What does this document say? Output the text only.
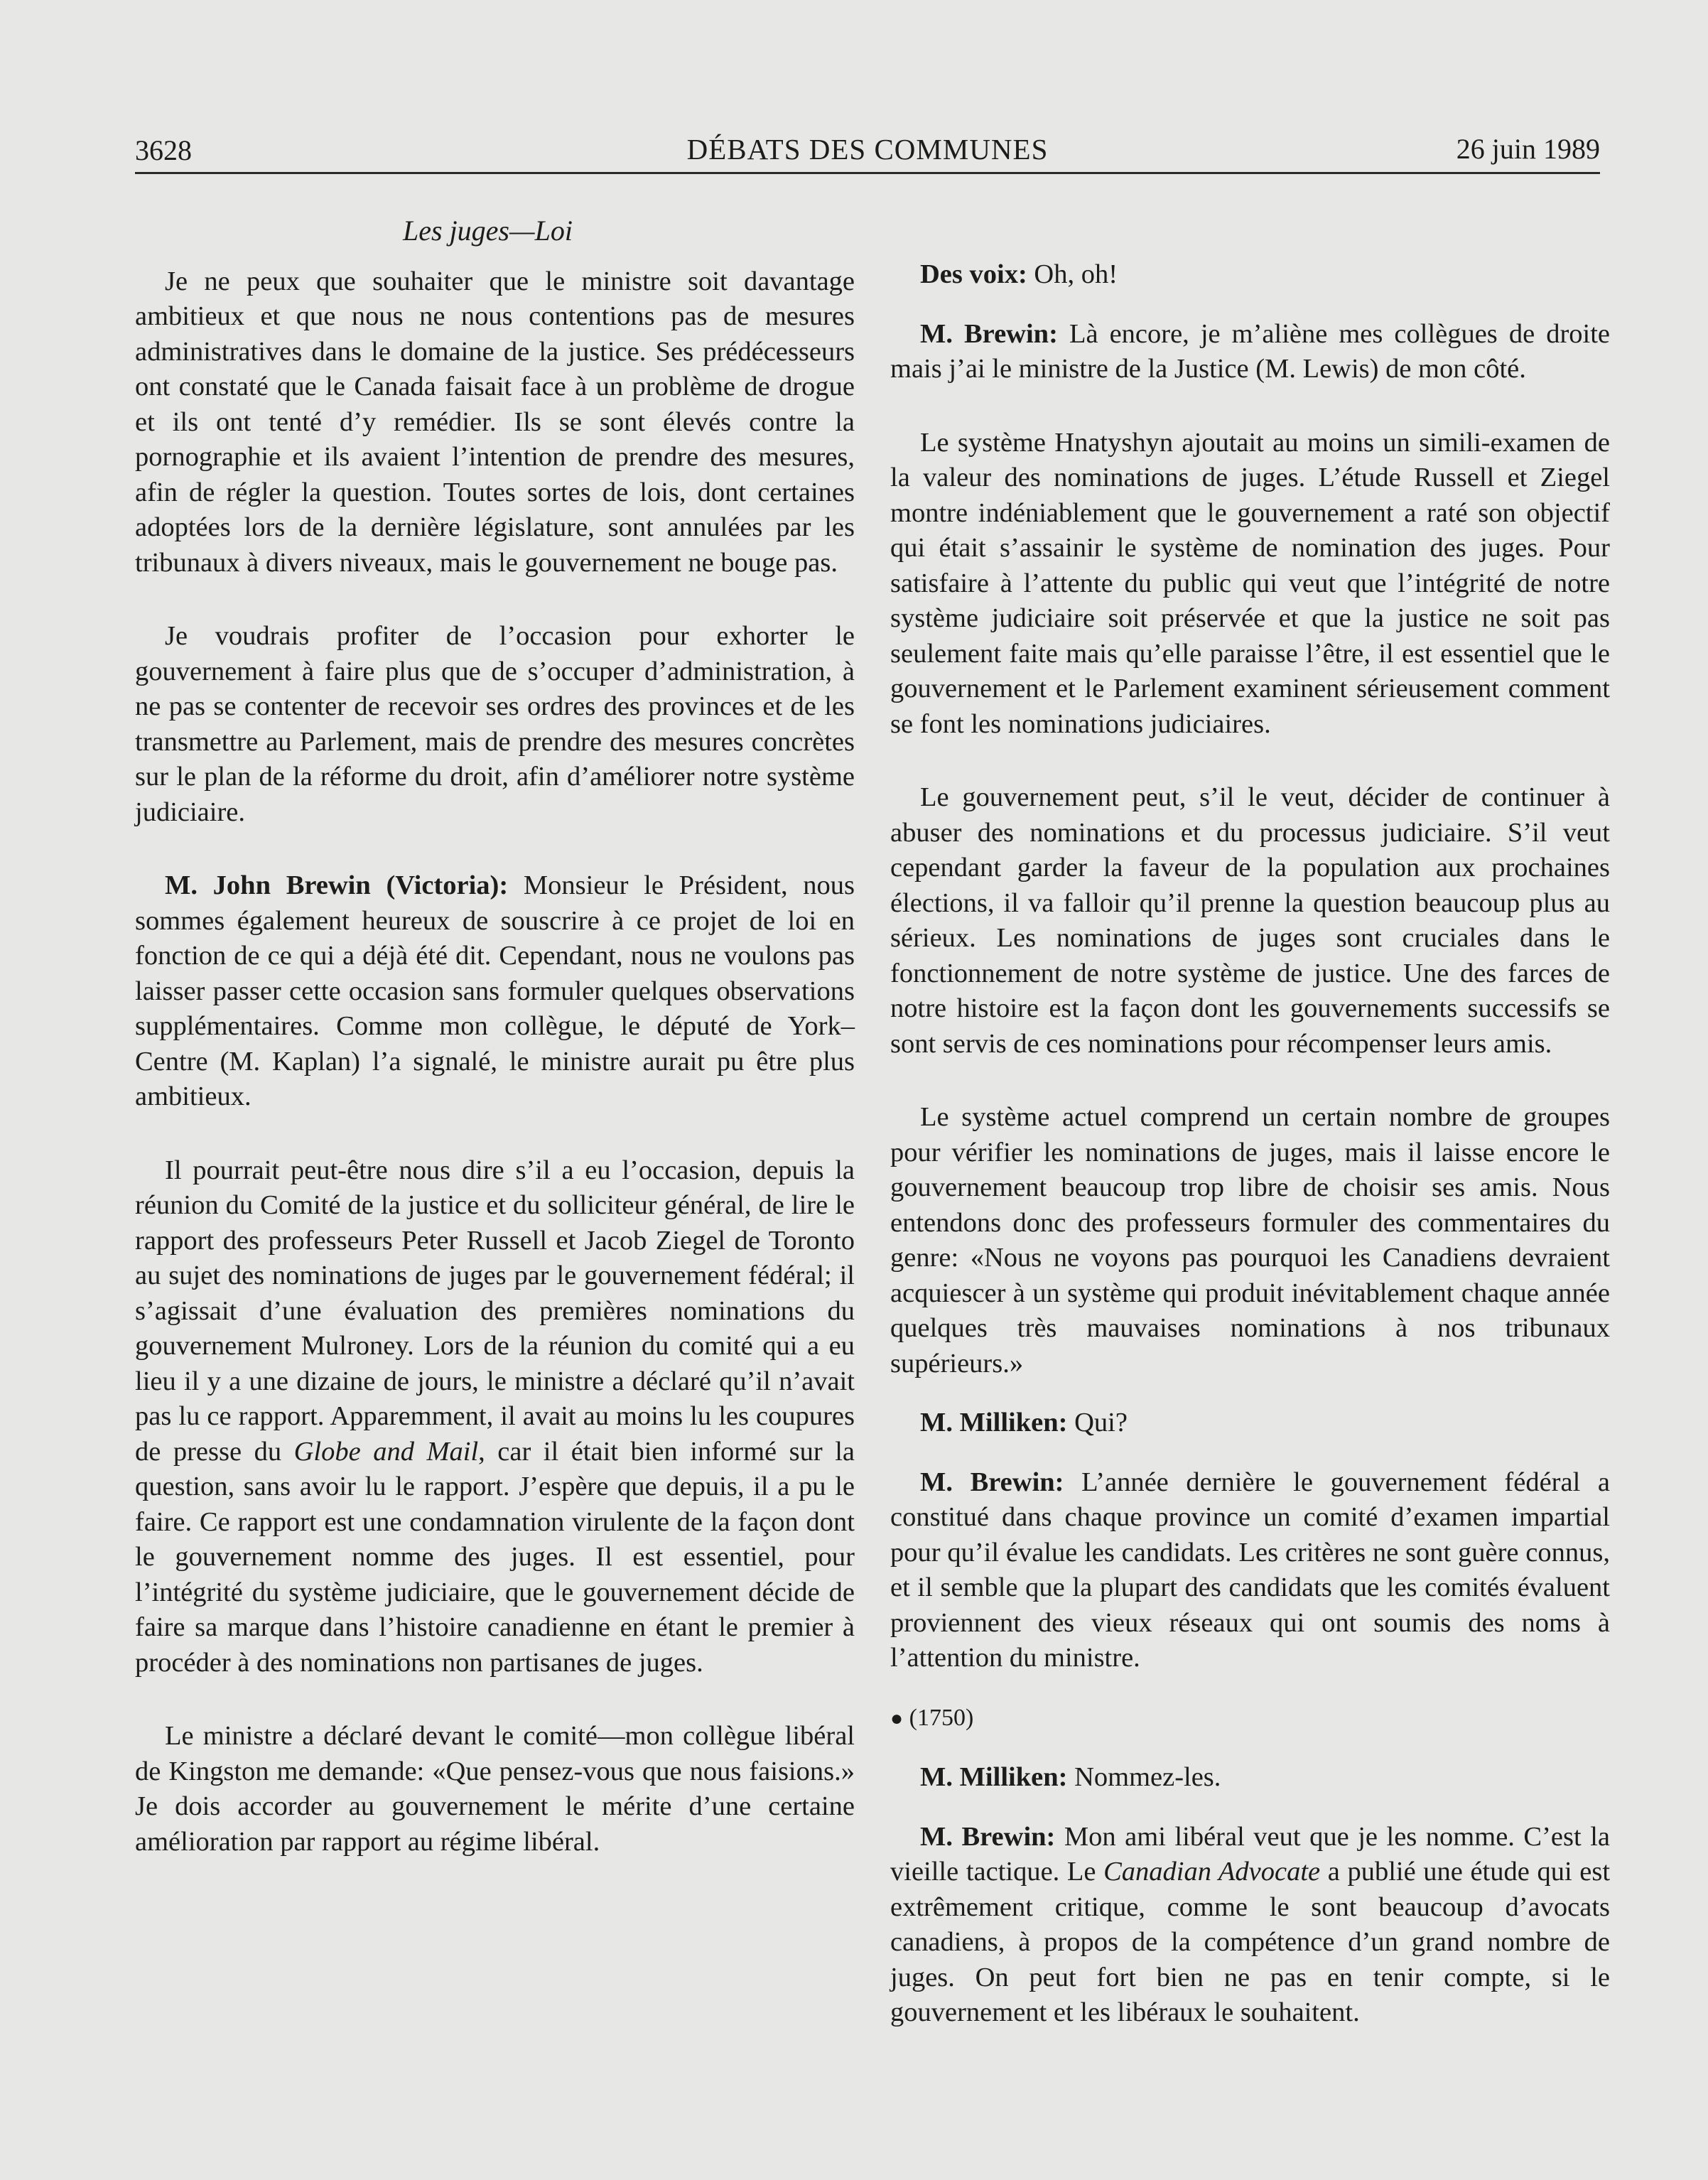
3628	DÉBATS DES COMMUNES	26 juin 1989
Les juges—Loi

Je ne peux que souhaiter que le ministre soit davantage ambitieux et que nous ne nous contentions pas de mesures administratives dans le domaine de la justice. Ses prédécesseurs ont constaté que le Canada faisait face à un problème de drogue et ils ont tenté d’y remédier. Ils se sont élevés contre la pornographie et ils avaient l’intention de prendre des mesures, afin de régler la question. Toutes sortes de lois, dont certaines adoptées lors de la dernière législature, sont annulées par les tribunaux à divers niveaux, mais le gouvernement ne bouge pas.

Je voudrais profiter de l’occasion pour exhorter le gouvernement à faire plus que de s’occuper d’administration, à ne pas se contenter de recevoir ses ordres des provinces et de les transmettre au Parlement, mais de prendre des mesures concrètes sur le plan de la réforme du droit, afin d’améliorer notre système judiciaire.

M. John Brewin (Victoria): Monsieur le Président, nous sommes également heureux de souscrire à ce projet de loi en fonction de ce qui a déjà été dit. Cependant, nous ne voulons pas laisser passer cette occasion sans formuler quelques observations supplémentaires. Comme mon collègue, le député de York–Centre (M. Kaplan) l’a signalé, le ministre aurait pu être plus ambitieux.

Il pourrait peut-être nous dire s’il a eu l’occasion, depuis la réunion du Comité de la justice et du solliciteur général, de lire le rapport des professeurs Peter Russell et Jacob Ziegel de Toronto au sujet des nominations de juges par le gouvernement fédéral; il s’agissait d’une évaluation des premières nominations du gouvernement Mulroney. Lors de la réunion du comité qui a eu lieu il y a une dizaine de jours, le ministre a déclaré qu’il n’avait pas lu ce rapport. Apparemment, il avait au moins lu les coupures de presse du Globe and Mail, car il était bien informé sur la question, sans avoir lu le rapport. J’espère que depuis, il a pu le faire. Ce rapport est une condamnation virulente de la façon dont le gouvernement nomme des juges. Il est essentiel, pour l’intégrité du système judiciaire, que le gouvernement décide de faire sa marque dans l’histoire canadienne en étant le premier à procéder à des nominations non partisanes de juges.

Le ministre a déclaré devant le comité—mon collègue libéral de Kingston me demande: «Que pensez-vous que nous faisions.» Je dois accorder au gouvernement le mérite d’une certaine amélioration par rapport au régime libéral.

Des voix: Oh, oh!

M. Brewin: Là encore, je m’aliène mes collègues de droite mais j’ai le ministre de la Justice (M. Lewis) de mon côté.

Le système Hnatyshyn ajoutait au moins un simili-examen de la valeur des nominations de juges. L’étude Russell et Ziegel montre indéniablement que le gouvernement a raté son objectif qui était s’assainir le système de nomination des juges. Pour satisfaire à l’attente du public qui veut que l’intégrité de notre système judiciaire soit préservée et que la justice ne soit pas seulement faite mais qu’elle paraisse l’être, il est essentiel que le gouvernement et le Parlement examinent sérieusement comment se font les nominations judiciaires.

Le gouvernement peut, s’il le veut, décider de continuer à abuser des nominations et du processus judiciaire. S’il veut cependant garder la faveur de la population aux prochaines élections, il va falloir qu’il prenne la question beaucoup plus au sérieux. Les nominations de juges sont cruciales dans le fonctionnement de notre système de justice. Une des farces de notre histoire est la façon dont les gouvernements successifs se sont servis de ces nominations pour récompenser leurs amis.

Le système actuel comprend un certain nombre de groupes pour vérifier les nominations de juges, mais il laisse encore le gouvernement beaucoup trop libre de choisir ses amis. Nous entendons donc des professeurs formuler des commentaires du genre: «Nous ne voyons pas pourquoi les Canadiens devraient acquiescer à un système qui produit inévitablement chaque année quelques très mauvaises nominations à nos tribunaux supérieurs.»

M. Milliken: Qui?

M. Brewin: L’année dernière le gouvernement fédéral a constitué dans chaque province un comité d’examen impartial pour qu’il évalue les candidats. Les critères ne sont guère connus, et il semble que la plupart des candidats que les comités évaluent proviennent des vieux réseaux qui ont soumis des noms à l’attention du ministre.

● (1750)

M. Milliken: Nommez-les.

M. Brewin: Mon ami libéral veut que je les nomme. C’est la vieille tactique. Le Canadian Advocate a publié une étude qui est extrêmement critique, comme le sont beaucoup d’avocats canadiens, à propos de la compétence d’un grand nombre de juges. On peut fort bien ne pas en tenir compte, si le gouvernement et les libéraux le souhaitent.
